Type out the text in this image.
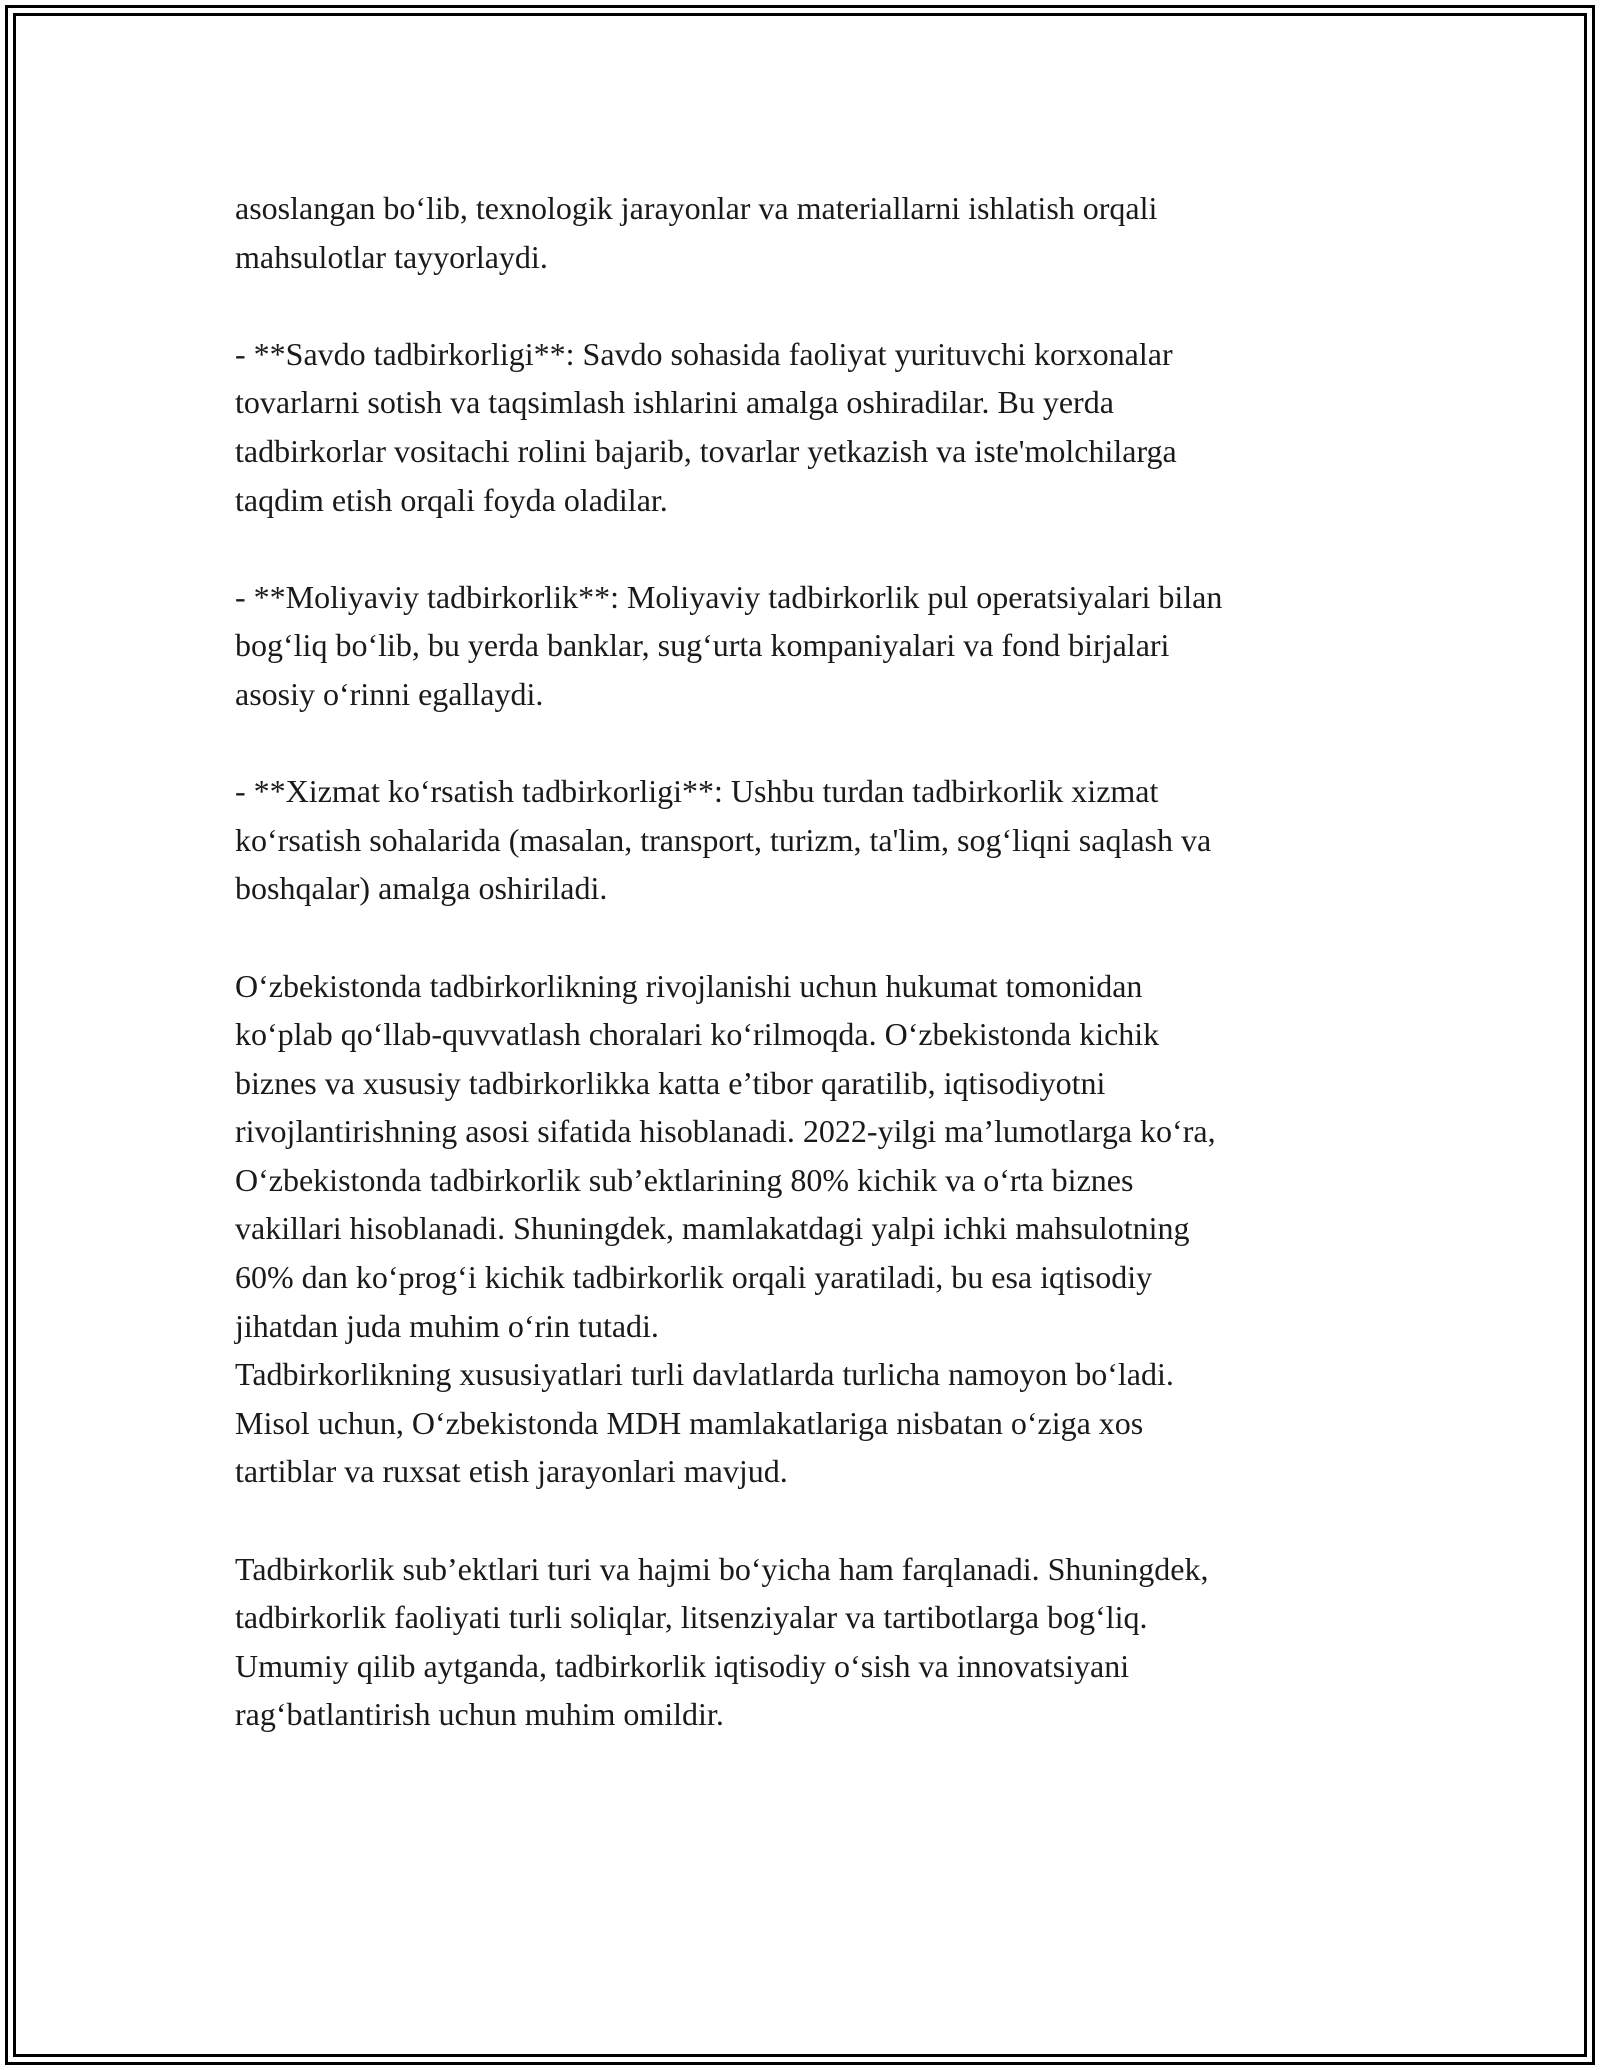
asoslangan bo‘lib, texnologik jarayonlar va materiallarni ishlatish orqali
mahsulotlar tayyorlaydi.

- **Savdo tadbirkorligi**: Savdo sohasida faoliyat yurituvchi korxonalar
tovarlarni sotish va taqsimlash ishlarini amalga oshiradilar. Bu yerda
tadbirkorlar vositachi rolini bajarib, tovarlar yetkazish va iste'molchilarga
taqdim etish orqali foyda oladilar.

- **Moliyaviy tadbirkorlik**: Moliyaviy tadbirkorlik pul operatsiyalari bilan
bog‘liq bo‘lib, bu yerda banklar, sug‘urta kompaniyalari va fond birjalari
asosiy o‘rinni egallaydi.

- **Xizmat ko‘rsatish tadbirkorligi**: Ushbu turdan tadbirkorlik xizmat
ko‘rsatish sohalarida (masalan, transport, turizm, ta'lim, sog‘liqni saqlash va
boshqalar) amalga oshiriladi.

O‘zbekistonda tadbirkorlikning rivojlanishi uchun hukumat tomonidan
ko‘plab qo‘llab-quvvatlash choralari ko‘rilmoqda. O‘zbekistonda kichik
biznes va xususiy tadbirkorlikka katta e’tibor qaratilib, iqtisodiyotni
rivojlantirishning asosi sifatida hisoblanadi. 2022-yilgi ma’lumotlarga ko‘ra,
O‘zbekistonda tadbirkorlik sub’ektlarining 80% kichik va o‘rta biznes
vakillari hisoblanadi. Shuningdek, mamlakatdagi yalpi ichki mahsulotning
60% dan ko‘prog‘i kichik tadbirkorlik orqali yaratiladi, bu esa iqtisodiy
jihatdan juda muhim o‘rin tutadi.

Tadbirkorlikning xususiyatlari turli davlatlarda turlicha namoyon bo‘ladi.
Misol uchun, O‘zbekistonda MDH mamlakatlariga nisbatan o‘ziga xos
tartiblar va ruxsat etish jarayonlari mavjud.

Tadbirkorlik sub’ektlari turi va hajmi bo‘yicha ham farqlanadi. Shuningdek,
tadbirkorlik faoliyati turli soliqlar, litsenziyalar va tartibotlarga bog‘liq.
Umumiy qilib aytganda, tadbirkorlik iqtisodiy o‘sish va innovatsiyani
rag‘batlantirish uchun muhim omildir.
